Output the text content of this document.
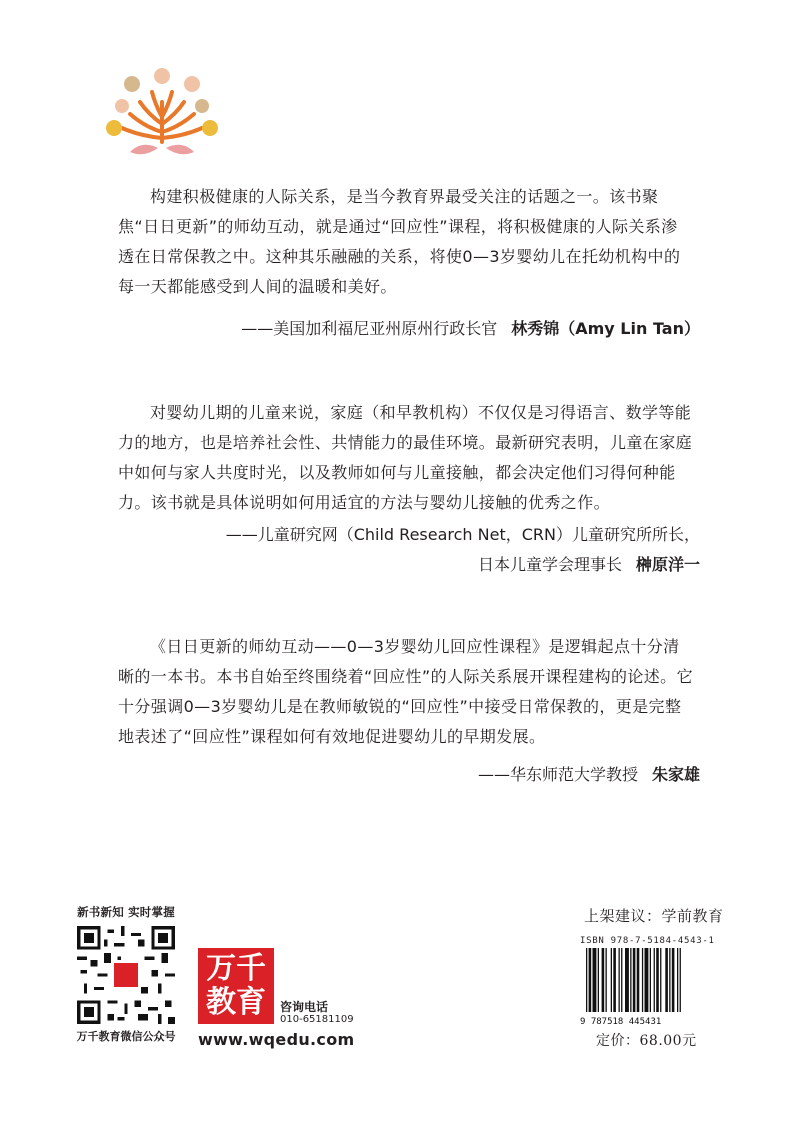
构建积极健康的人际关系，是当今教育界最受关注的话题之一。该书聚焦“日日更新”的师幼互动，就是通过“回应性”课程，将积极健康的人际关系渗透在日常保教之中。这种其乐融融的关系，将使0—3岁婴幼儿在托幼机构中的每一天都能感受到人间的温暖和美好。

——美国加利福尼亚州原州行政长官 林秀锦（Amy Lin Tan）

对婴幼儿期的儿童来说，家庭（和早教机构）不仅仅是习得语言、数学等能力的地方，也是培养社会性、共情能力的最佳环境。最新研究表明，儿童在家庭中如何与家人共度时光，以及教师如何与儿童接触，都会决定他们习得何种能力。该书就是具体说明如何用适宜的方法与婴幼儿接触的优秀之作。

——儿童研究网（Child Research Net，CRN）儿童研究所所长，
日本儿童学会理事长 榊原洋一

《日日更新的师幼互动——0—3岁婴幼儿回应性课程》是逻辑起点十分清晰的一本书。本书自始至终围绕着“回应性”的人际关系展开课程建构的论述。它十分强调0—3岁婴幼儿是在教师敏锐的“回应性”中接受日常保教的，更是完整地表述了“回应性”课程如何有效地促进婴幼儿的早期发展。

——华东师范大学教授 朱家雄
新书新知 实时掌握
万千教育微信公众号
万千
教育	咨询电话
010-65181109
www.wqedu.com
上架建议：学前教育
ISBN 978-7-5184-4543-1
9 787518 445431
定价：68.00元
